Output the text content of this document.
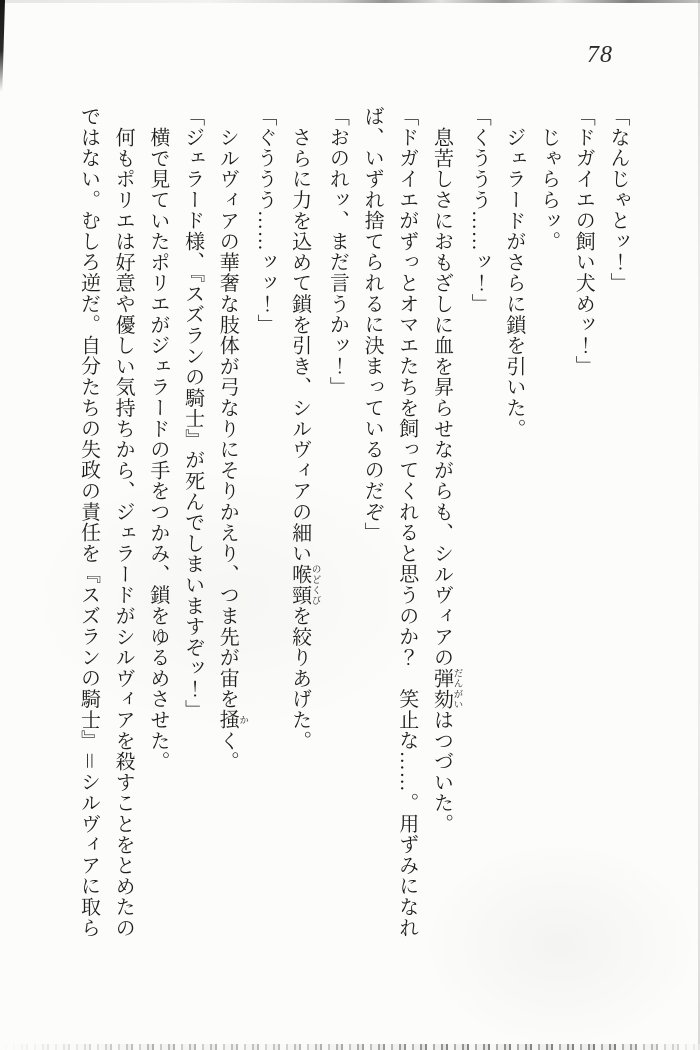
78

「なんじゃとッ！」

「ドガイエの飼い犬めッ！」

じゃららッ。

ジェラードがさらに鎖を引いた。

「くううう……ッ！」

息苦しさにおもざしに血を昇らせながらも、シルヴィアの弾劾 だんがいはつづいた。

「ドガイエがずっとオマエたちを飼ってくれると思うのか？　笑止な……。用ずみになれ

ば、いずれ捨てられるに決まっているのだぞ」

「おのれッ、まだ言うかッ！」

さらに力を込めて鎖を引き、シルヴィアの細い喉頸 のどくびを絞りあげた。

「ぐううう……ッッ！」

シルヴィアの華奢な肢体が弓なりにそりかえり、つま先が宙を掻 かく。

「ジェラード様、『スズランの騎士』が死んでしまいますぞッ！」

横で見ていたポリエがジェラードの手をつかみ、鎖をゆるめさせた。

何もポリエは好意や優しい気持ちから、ジェラードがシルヴィアを殺すことをとめたの

ではない。むしろ逆だ。自分たちの失政の責任を『スズランの騎士』＝シルヴィアに取ら
